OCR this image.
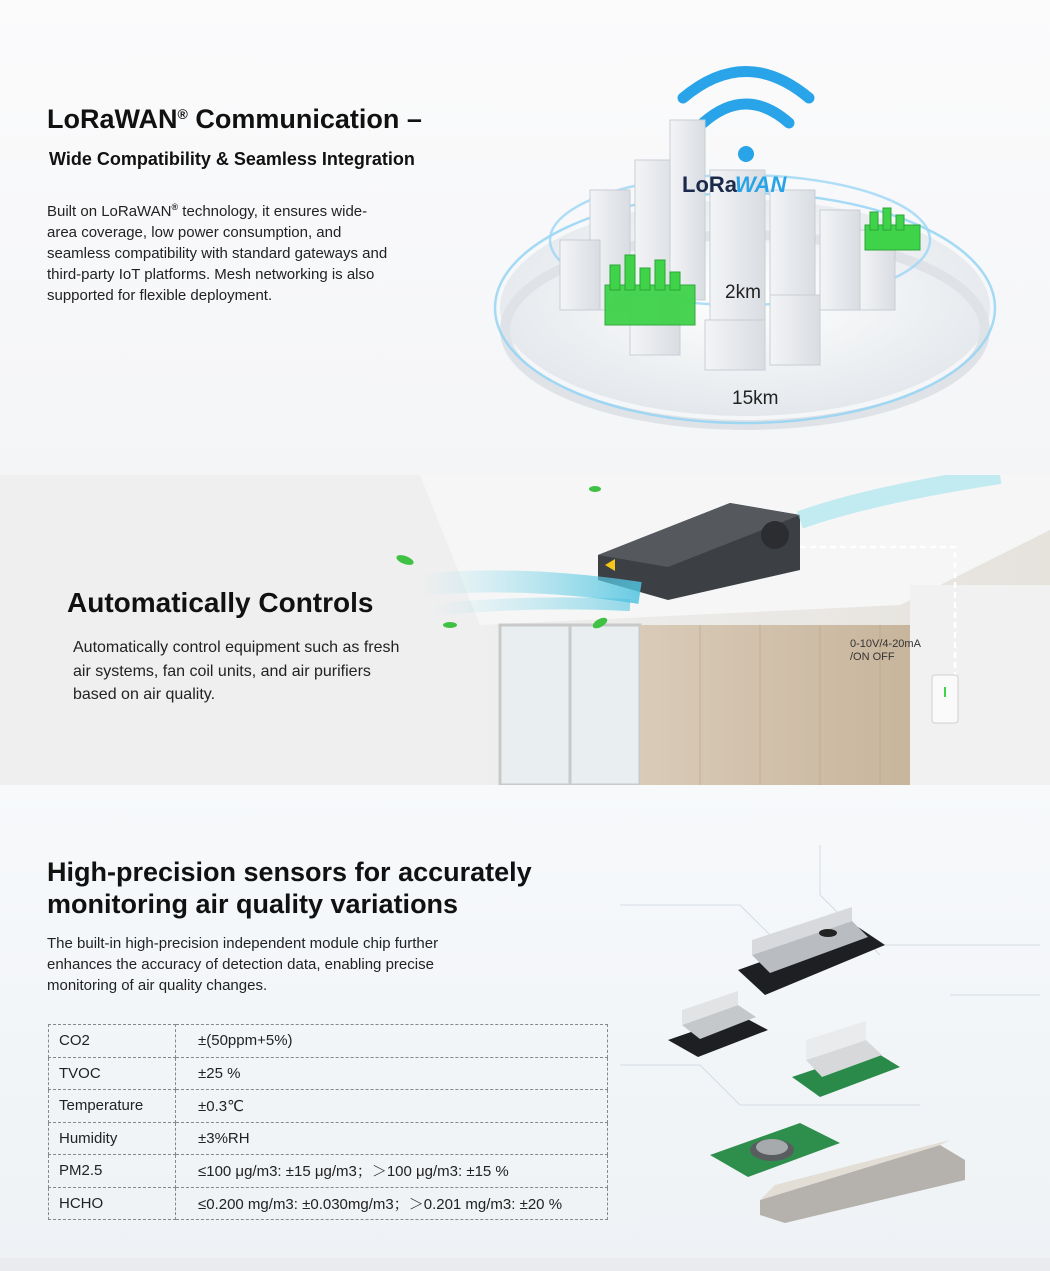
LoRaWAN® Communication –
Wide Compatibility & Seamless Integration

Built on LoRaWAN® technology, it ensures wide-area coverage, low power consumption, and seamless compatibility with standard gateways and third-party IoT platforms. Mesh networking is also supported for flexible deployment.

LoRa
WAN
2km
15km
Automatically Controls

Automatically control equipment such as fresh air systems, fan coil units, and air purifiers based on air quality.

0-10V/4-20mA
/ON OFF
High-precision sensors for accurately monitoring air quality variations

The built-in high-precision independent module chip further enhances the accuracy of detection data, enabling precise monitoring of air quality changes.

CO2	±(50ppm+5%)
TVOC	±25 %
Temperature	±0.3℃
Humidity	±3%RH
PM2.5	≤100 μg/m3: ±15 μg/m3；＞100 μg/m3: ±15 %
HCHO	≤0.200 mg/m3: ±0.030mg/m3；＞0.201 mg/m3: ±20 %
